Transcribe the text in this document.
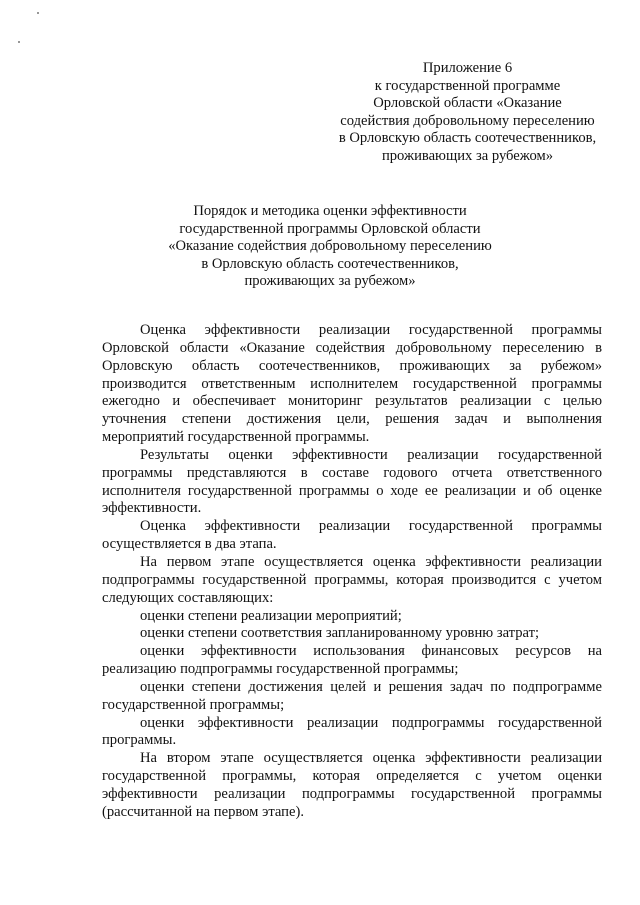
Приложение 6
к государственной программе
Орловской области «Оказание
содействия добровольному переселению
в Орловскую область соотечественников,
проживающих за рубежом»
Порядок и методика оценки эффективности
государственной программы Орловской области
«Оказание содействия добровольному переселению
в Орловскую область соотечественников,
проживающих за рубежом»

Оценка эффективности реализации государственной программы Орловской области «Оказание содействия добровольному переселению в Орловскую область соотечественников, проживающих за рубежом» производится ответственным исполнителем государственной программы ежегодно и обеспечивает мониторинг результатов реализации с целью уточнения степени достижения цели, решения задач и выполнения мероприятий государственной программы.

Результаты оценки эффективности реализации государственной программы представляются в составе годового отчета ответственного исполнителя государственной программы о ходе ее реализации и об оценке эффективности.

Оценка эффективности реализации государственной программы осуществляется в два этапа.

На первом этапе осуществляется оценка эффективности реализации подпрограммы государственной программы, которая производится с учетом следующих составляющих:

оценки степени реализации мероприятий;

оценки степени соответствия запланированному уровню затрат;

оценки эффективности использования финансовых ресурсов на реализацию подпрограммы государственной программы;

оценки степени достижения целей и решения задач по подпрограмме государственной программы;

оценки эффективности реализации подпрограммы государственной программы.

На втором этапе осуществляется оценка эффективности реализации государственной программы, которая определяется с учетом оценки эффективности реализации подпрограммы государственной программы (рассчитанной на первом этапе).
